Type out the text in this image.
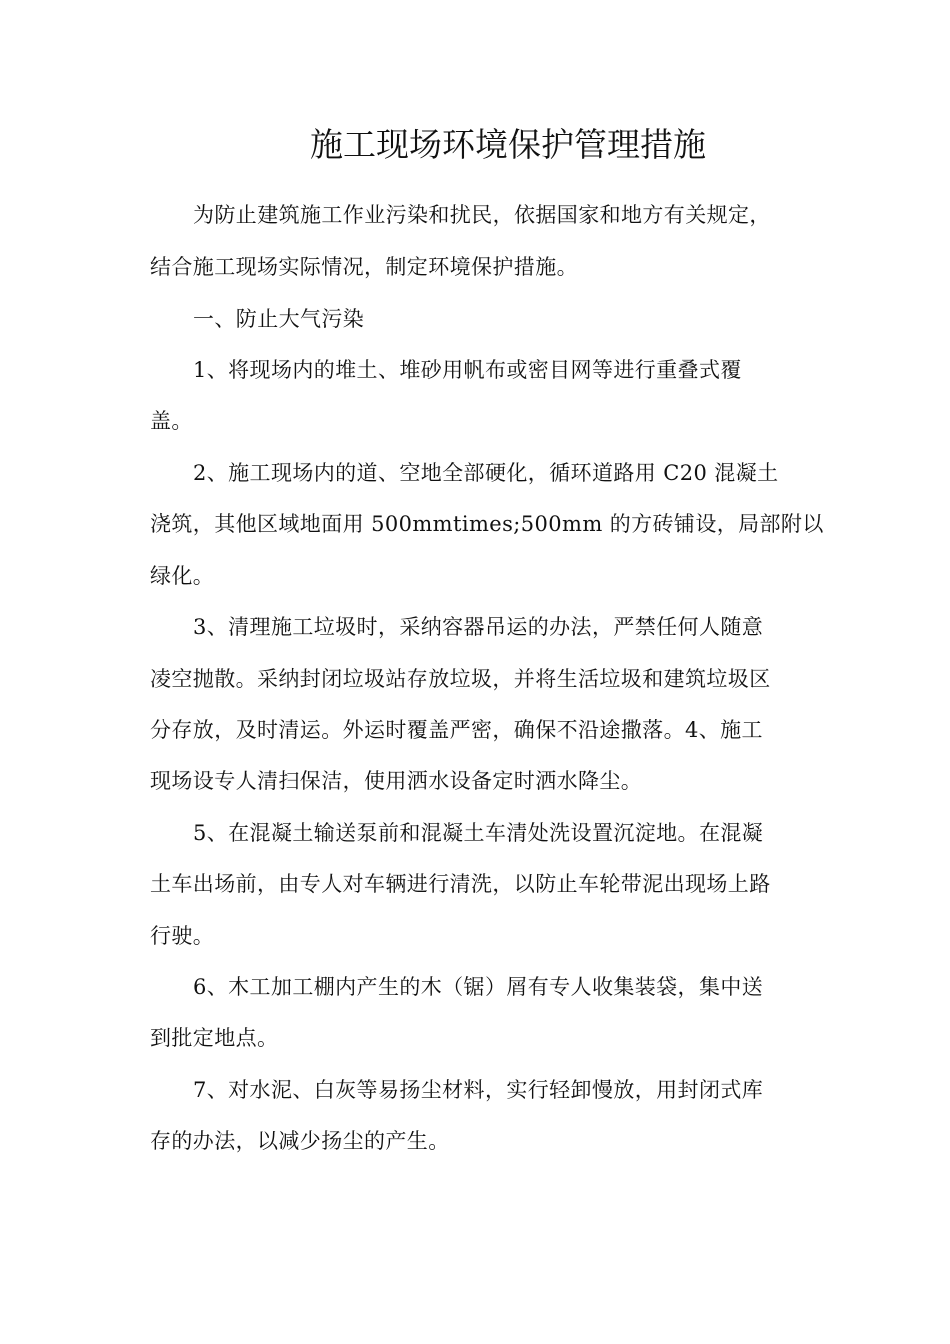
施工现场环境保护管理措施

为防止建筑施工作业污染和扰民，依据国家和地方有关规定，

结合施工现场实际情况，制定环境保护措施。

一、防止大气污染

1、将现场内的堆土、堆砂用帆布或密目网等进行重叠式覆

盖。

2、施工现场内的道、空地全部硬化，循环道路用 C20 混凝土

浇筑，其他区域地面用 500mmtimes;500mm 的方砖铺设，局部附以

绿化。

3、清理施工垃圾时，采纳容器吊运的办法，严禁任何人随意

凌空抛散。采纳封闭垃圾站存放垃圾，并将生活垃圾和建筑垃圾区

分存放，及时清运。外运时覆盖严密，确保不沿途撒落。4、施工

现场设专人清扫保洁，使用洒水设备定时洒水降尘。

5、在混凝土输送泵前和混凝土车清处洗设置沉淀地。在混凝

土车出场前，由专人对车辆进行清洗，以防止车轮带泥出现场上路

行驶。

6、木工加工棚内产生的木（锯）屑有专人收集装袋，集中送

到批定地点。

7、对水泥、白灰等易扬尘材料，实行轻卸慢放，用封闭式库

存的办法，以减少扬尘的产生。
